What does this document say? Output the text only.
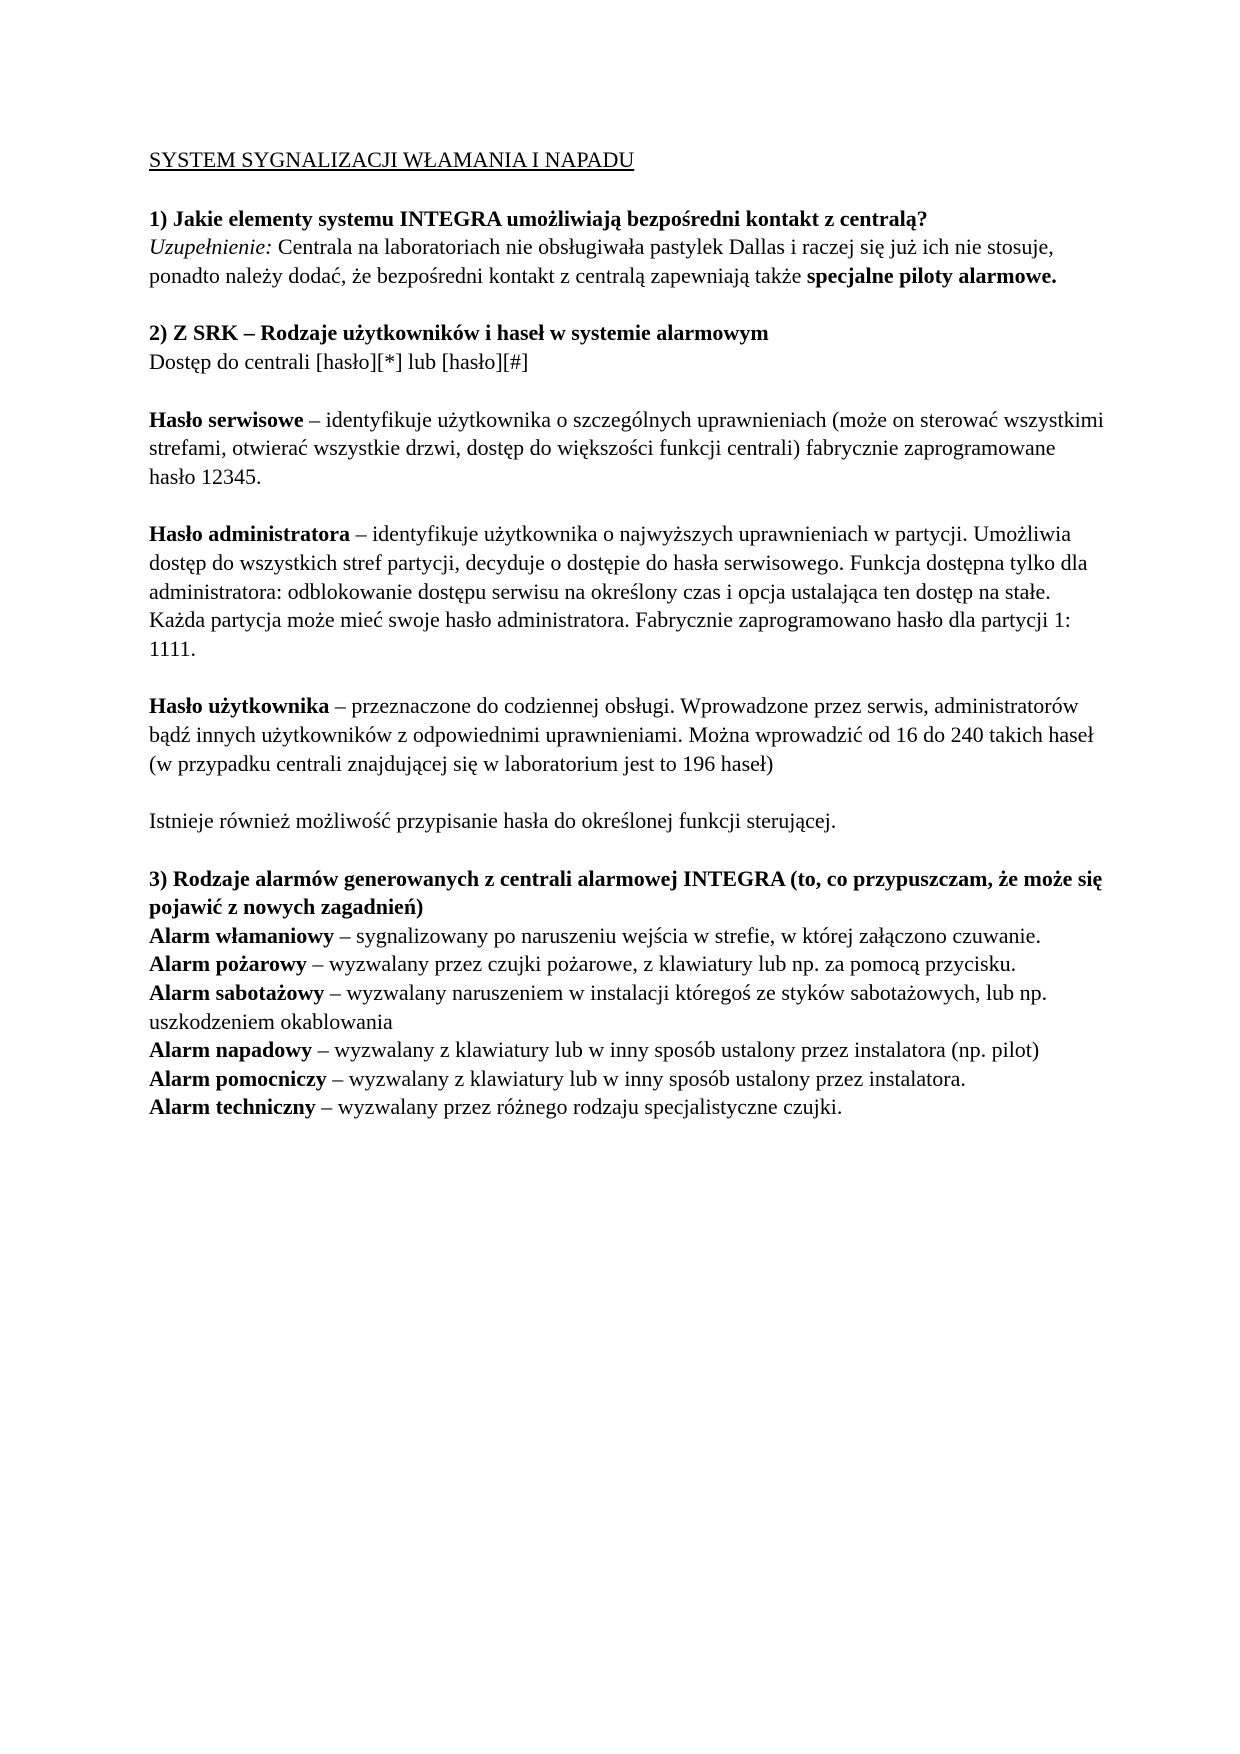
SYSTEM SYGNALIZACJI WŁAMANIA I NAPADU

1) Jakie elementy systemu INTEGRA umożliwiają bezpośredni kontakt z centralą?

Uzupełnienie: Centrala na laboratoriach nie obsługiwała pastylek Dallas i raczej się już ich nie stosuje, ponadto należy dodać, że bezpośredni kontakt z centralą zapewniają także specjalne piloty alarmowe.

2) Z SRK – Rodzaje użytkowników i haseł w systemie alarmowym

Dostęp do centrali [hasło][*] lub [hasło][#]

Hasło serwisowe – identyfikuje użytkownika o szczególnych uprawnieniach (może on sterować wszystkimi strefami, otwierać wszystkie drzwi, dostęp do większości funkcji centrali) fabrycznie zaprogramowane hasło 12345.

Hasło administratora – identyfikuje użytkownika o najwyższych uprawnieniach w partycji. Umożliwia dostęp do wszystkich stref partycji, decyduje o dostępie do hasła serwisowego. Funkcja dostępna tylko dla administratora: odblokowanie dostępu serwisu na określony czas i opcja ustalająca ten dostęp na stałe. Każda partycja może mieć swoje hasło administratora. Fabrycznie zaprogramowano hasło dla partycji 1: 1111.

Hasło użytkownika – przeznaczone do codziennej obsługi. Wprowadzone przez serwis, administratorów bądź innych użytkowników z odpowiednimi uprawnieniami. Można wprowadzić od 16 do 240 takich haseł (w przypadku centrali znajdującej się w laboratorium jest to 196 haseł)

Istnieje również możliwość przypisanie hasła do określonej funkcji sterującej.

3) Rodzaje alarmów generowanych z centrali alarmowej INTEGRA (to, co przypuszczam, że może się pojawić z nowych zagadnień)

Alarm włamaniowy – sygnalizowany po naruszeniu wejścia w strefie, w której załączono czuwanie.

Alarm pożarowy – wyzwalany przez czujki pożarowe, z klawiatury lub np. za pomocą przycisku.

Alarm sabotażowy – wyzwalany naruszeniem w instalacji któregoś ze styków sabotażowych, lub np. uszkodzeniem okablowania

Alarm napadowy – wyzwalany z klawiatury lub w inny sposób ustalony przez instalatora (np. pilot)

Alarm pomocniczy – wyzwalany z klawiatury lub w inny sposób ustalony przez instalatora.

Alarm techniczny – wyzwalany przez różnego rodzaju specjalistyczne czujki.
